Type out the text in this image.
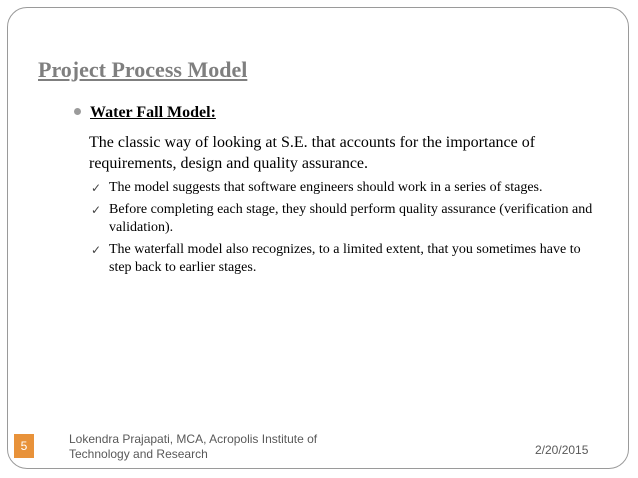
Project Process Model
Water Fall Model:

The classic way of looking at S.E. that accounts for the importance of requirements, design and quality assurance.

✓ The model suggests that software engineers should work in a series of stages.
✓ Before completing each stage, they should perform quality assurance (verification and validation).
✓ The waterfall model also recognizes, to a limited extent, that you sometimes have to step back to earlier stages.
5	Lokendra Prajapati, MCA, Acropolis Institute of Technology and Research	2/20/2015
